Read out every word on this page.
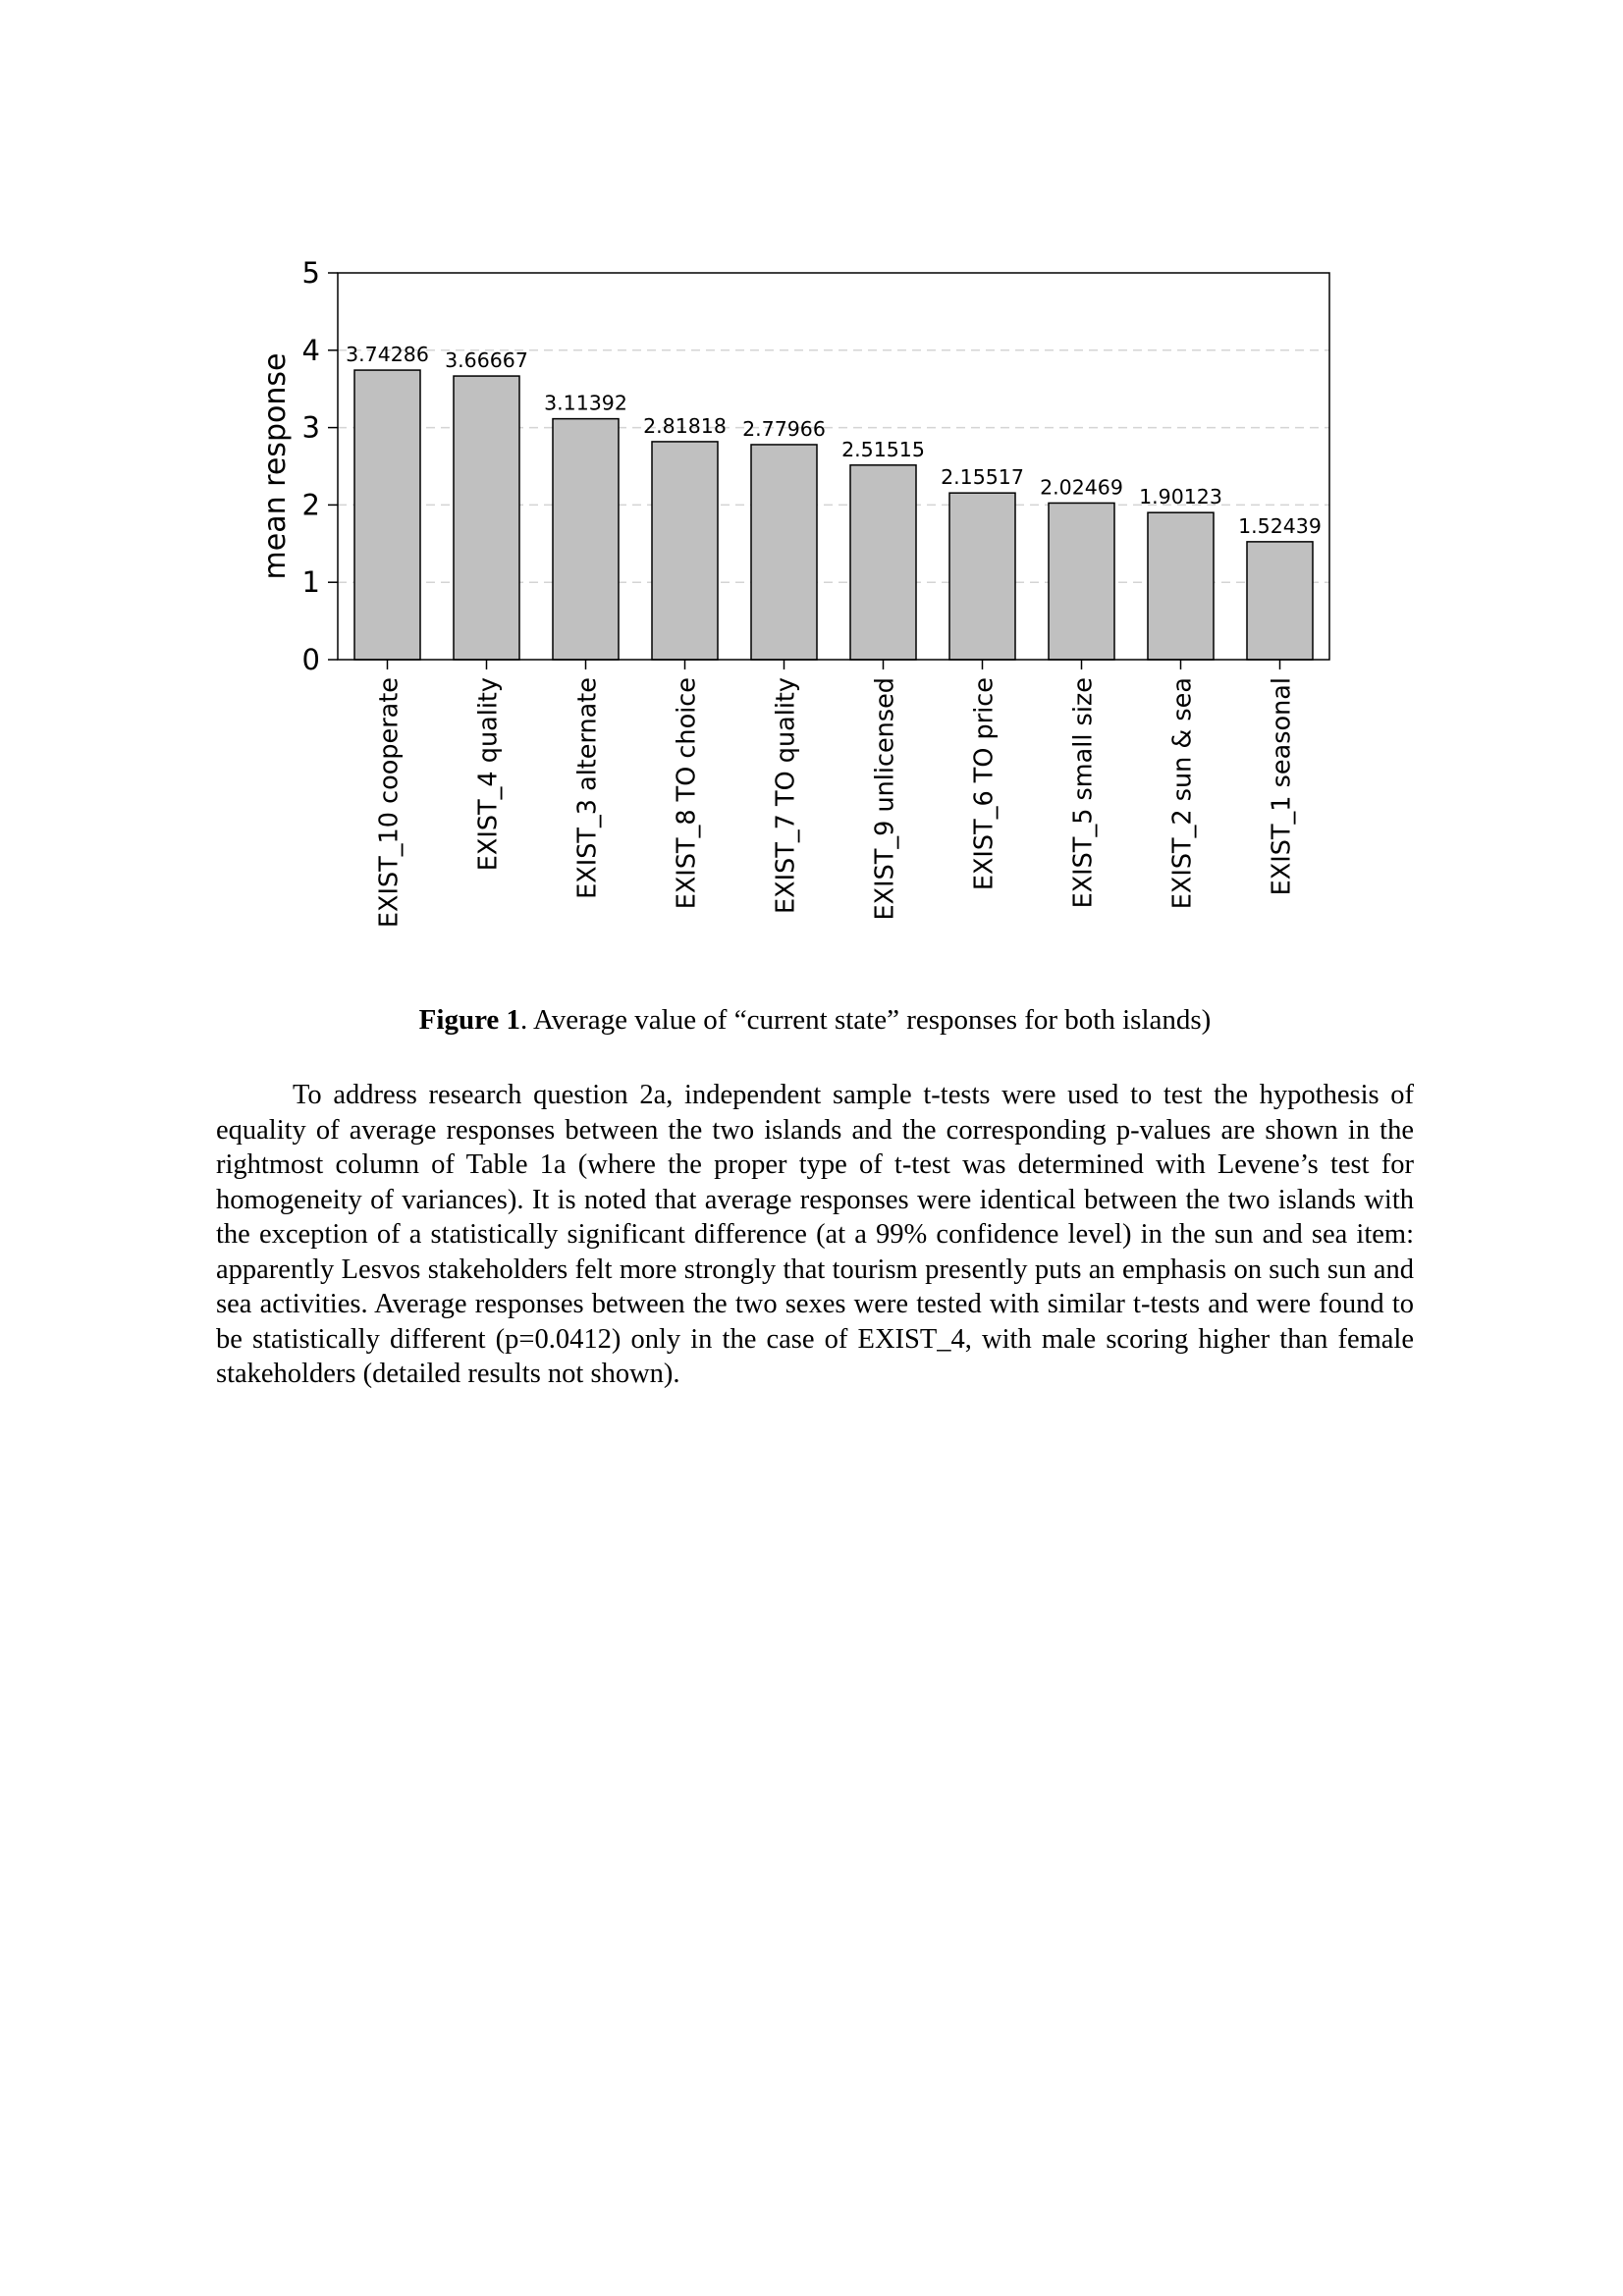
3.74286 3.66667
3.11392
2.81818 2.77966
2.51515
2.15517 2.02469 1.90123
1.52439
0
1
2
3
4
5
EXIST_10 cooperate	EXIST_4 quality	EXIST_3 alternate	EXIST_8 TO choice	EXIST_7 TO quality	EXIST_9 unlicensed	EXIST_6 TO price	EXIST_5 small size	EXIST_2 sun & sea	EXIST_1 seasonal
mean response

Figure 1. Average value of “current state” responses for both islands)

To address research question 2a, independent sample t-tests were used to test the hypothesis of equality of average responses between the two islands and the corresponding p-values are shown in the rightmost column of Table 1a (where the proper type of t-test was determined with Levene’s test for homogeneity of variances). It is noted that average responses were identical between the two islands with the exception of a statistically significant difference (at a 99% confidence level) in the sun and sea item: apparently Lesvos stakeholders felt more strongly that tourism presently puts an emphasis on such sun and sea activities. Average responses between the two sexes were tested with similar t-tests and were found to be statistically different (p=0.0412) only in the case of EXIST_4, with male scoring higher than female stakeholders (detailed results not shown).
